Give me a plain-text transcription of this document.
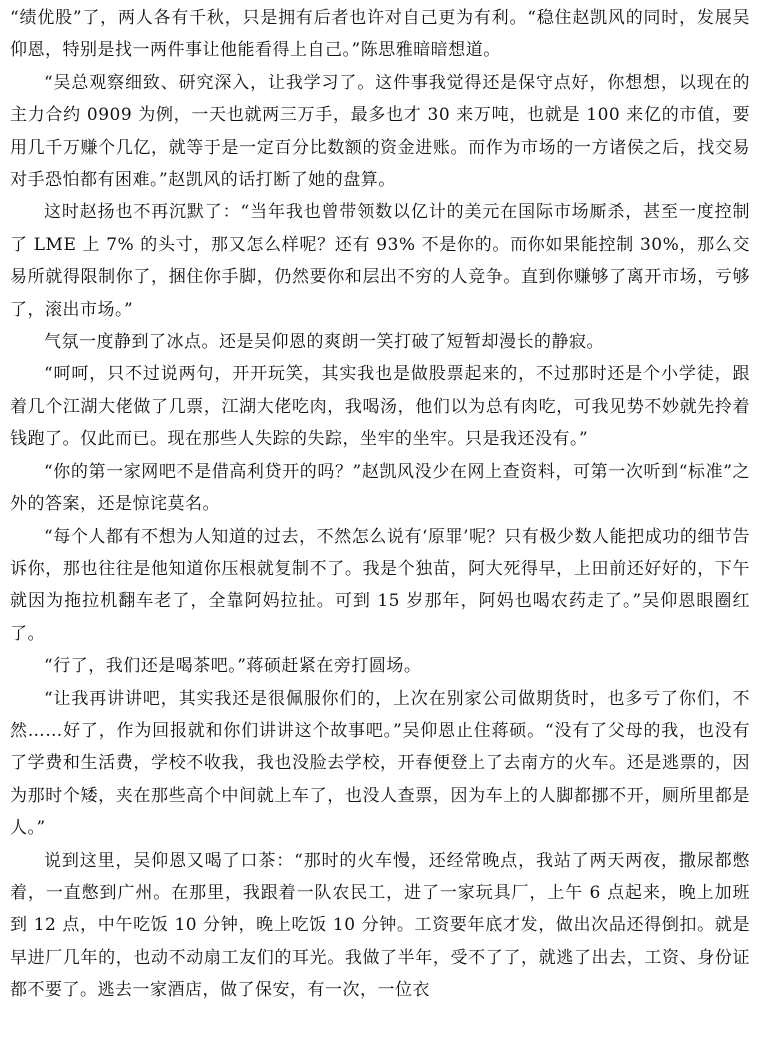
“绩优股”了，两人各有千秋，只是拥有后者也许对自己更为有利。“稳住赵凯风的同时，发展吴仰恩，特别是找一两件事让他能看得上自己。”陈思雅暗暗想道。

“吴总观察细致、研究深入，让我学习了。这件事我觉得还是保守点好，你想想，以现在的主力合约 0909 为例，一天也就两三万手，最多也才 30 来万吨，也就是 100 来亿的市值，要用几千万赚个几亿，就等于是一定百分比数额的资金进账。而作为市场的一方诸侯之后，找交易对手恐怕都有困难。”赵凯风的话打断了她的盘算。

这时赵扬也不再沉默了：“当年我也曾带领数以亿计的美元在国际市场厮杀，甚至一度控制了 LME 上 7% 的头寸，那又怎么样呢？还有 93% 不是你的。而你如果能控制 30%，那么交易所就得限制你了，捆住你手脚，仍然要你和层出不穷的人竞争。直到你赚够了离开市场，亏够了，滚出市场。”

气氛一度静到了冰点。还是吴仰恩的爽朗一笑打破了短暂却漫长的静寂。

“呵呵，只不过说两句，开开玩笑，其实我也是做股票起来的，不过那时还是个小学徒，跟着几个江湖大佬做了几票，江湖大佬吃肉，我喝汤，他们以为总有肉吃，可我见势不妙就先拎着钱跑了。仅此而已。现在那些人失踪的失踪，坐牢的坐牢。只是我还没有。”

“你的第一家网吧不是借高利贷开的吗？”赵凯风没少在网上查资料，可第一次听到“标准”之外的答案，还是惊诧莫名。

“每个人都有不想为人知道的过去，不然怎么说有‘原罪’呢？只有极少数人能把成功的细节告诉你，那也往往是他知道你压根就复制不了。我是个独苗，阿大死得早，上田前还好好的，下午就因为拖拉机翻车老了，全靠阿妈拉扯。可到 15 岁那年，阿妈也喝农药走了。”吴仰恩眼圈红了。

“行了，我们还是喝茶吧。”蒋硕赶紧在旁打圆场。

“让我再讲讲吧，其实我还是很佩服你们的，上次在别家公司做期货时，也多亏了你们，不然……好了，作为回报就和你们讲讲这个故事吧。”吴仰恩止住蒋硕。“没有了父母的我，也没有了学费和生活费，学校不收我，我也没脸去学校，开春便登上了去南方的火车。还是逃票的，因为那时个矮，夹在那些高个中间就上车了，也没人查票，因为车上的人脚都挪不开，厕所里都是人。”

说到这里，吴仰恩又喝了口茶：“那时的火车慢，还经常晚点，我站了两天两夜，撒尿都憋着，一直憋到广州。在那里，我跟着一队农民工，进了一家玩具厂，上午 6 点起来，晚上加班到 12 点，中午吃饭 10 分钟，晚上吃饭 10 分钟。工资要年底才发，做出次品还得倒扣。就是早进厂几年的，也动不动扇工友们的耳光。我做了半年，受不了了，就逃了出去，工资、身份证都不要了。逃去一家酒店，做了保安，有一次，一位衣
